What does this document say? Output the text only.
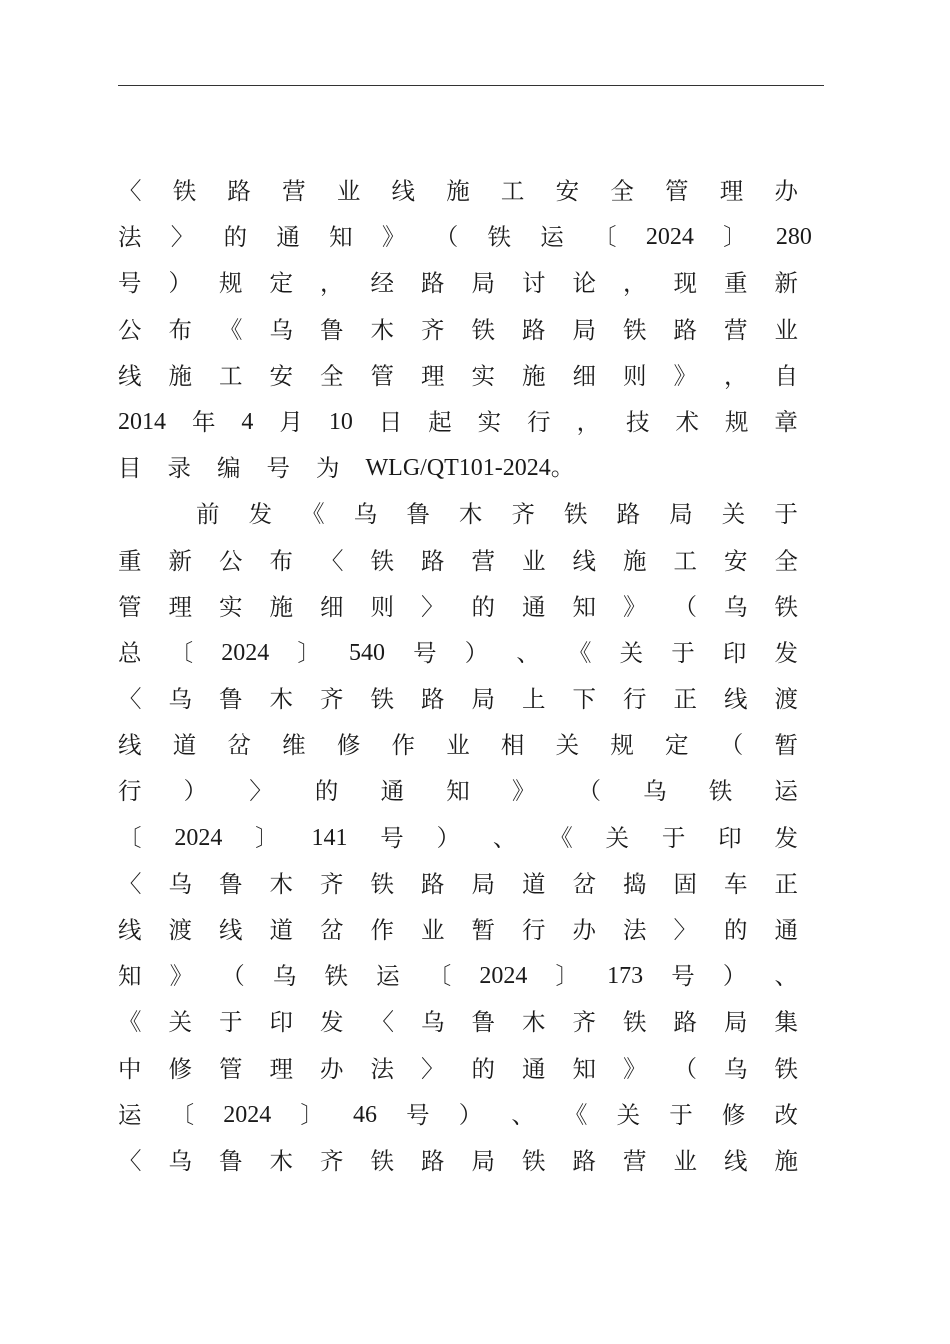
〈 铁 路 营 业 线 施 工 安 全 管 理 办
法 〉 的 通 知 》 （ 铁 运 〔 2024 〕 280
号 ） 规 定 ， 经 路 局 讨 论 ， 现 重 新
公 布 《 乌 鲁 木 齐 铁 路 局 铁 路 营 业
线 施 工 安 全 管 理 实 施 细 则 》 ， 自
2014 年 4 月 10 日 起 实 行 ， 技 术 规 章
目 录 编 号 为 WLG/QT101-2024。
前 发 《 乌 鲁 木 齐 铁 路 局 关 于
重 新 公 布 〈 铁 路 营 业 线 施 工 安 全
管 理 实 施 细 则 〉 的 通 知 》 （ 乌 铁
总 〔 2024 〕 540 号 ） 、 《 关 于 印 发
〈 乌 鲁 木 齐 铁 路 局 上 下 行 正 线 渡
线 道 岔 维 修 作 业 相 关 规 定 （ 暂
行 ） 〉 的 通 知 》 （ 乌 铁 运
〔 2024 〕 141 号 ） 、 《 关 于 印 发
〈 乌 鲁 木 齐 铁 路 局 道 岔 捣 固 车 正
线 渡 线 道 岔 作 业 暂 行 办 法 〉 的 通
知 》 （ 乌 铁 运 〔 2024 〕 173 号 ） 、
《 关 于 印 发 〈 乌 鲁 木 齐 铁 路 局 集
中 修 管 理 办 法 〉 的 通 知 》 （ 乌 铁
运 〔 2024 〕 46 号 ） 、 《 关 于 修 改
〈 乌 鲁 木 齐 铁 路 局 铁 路 营 业 线 施
